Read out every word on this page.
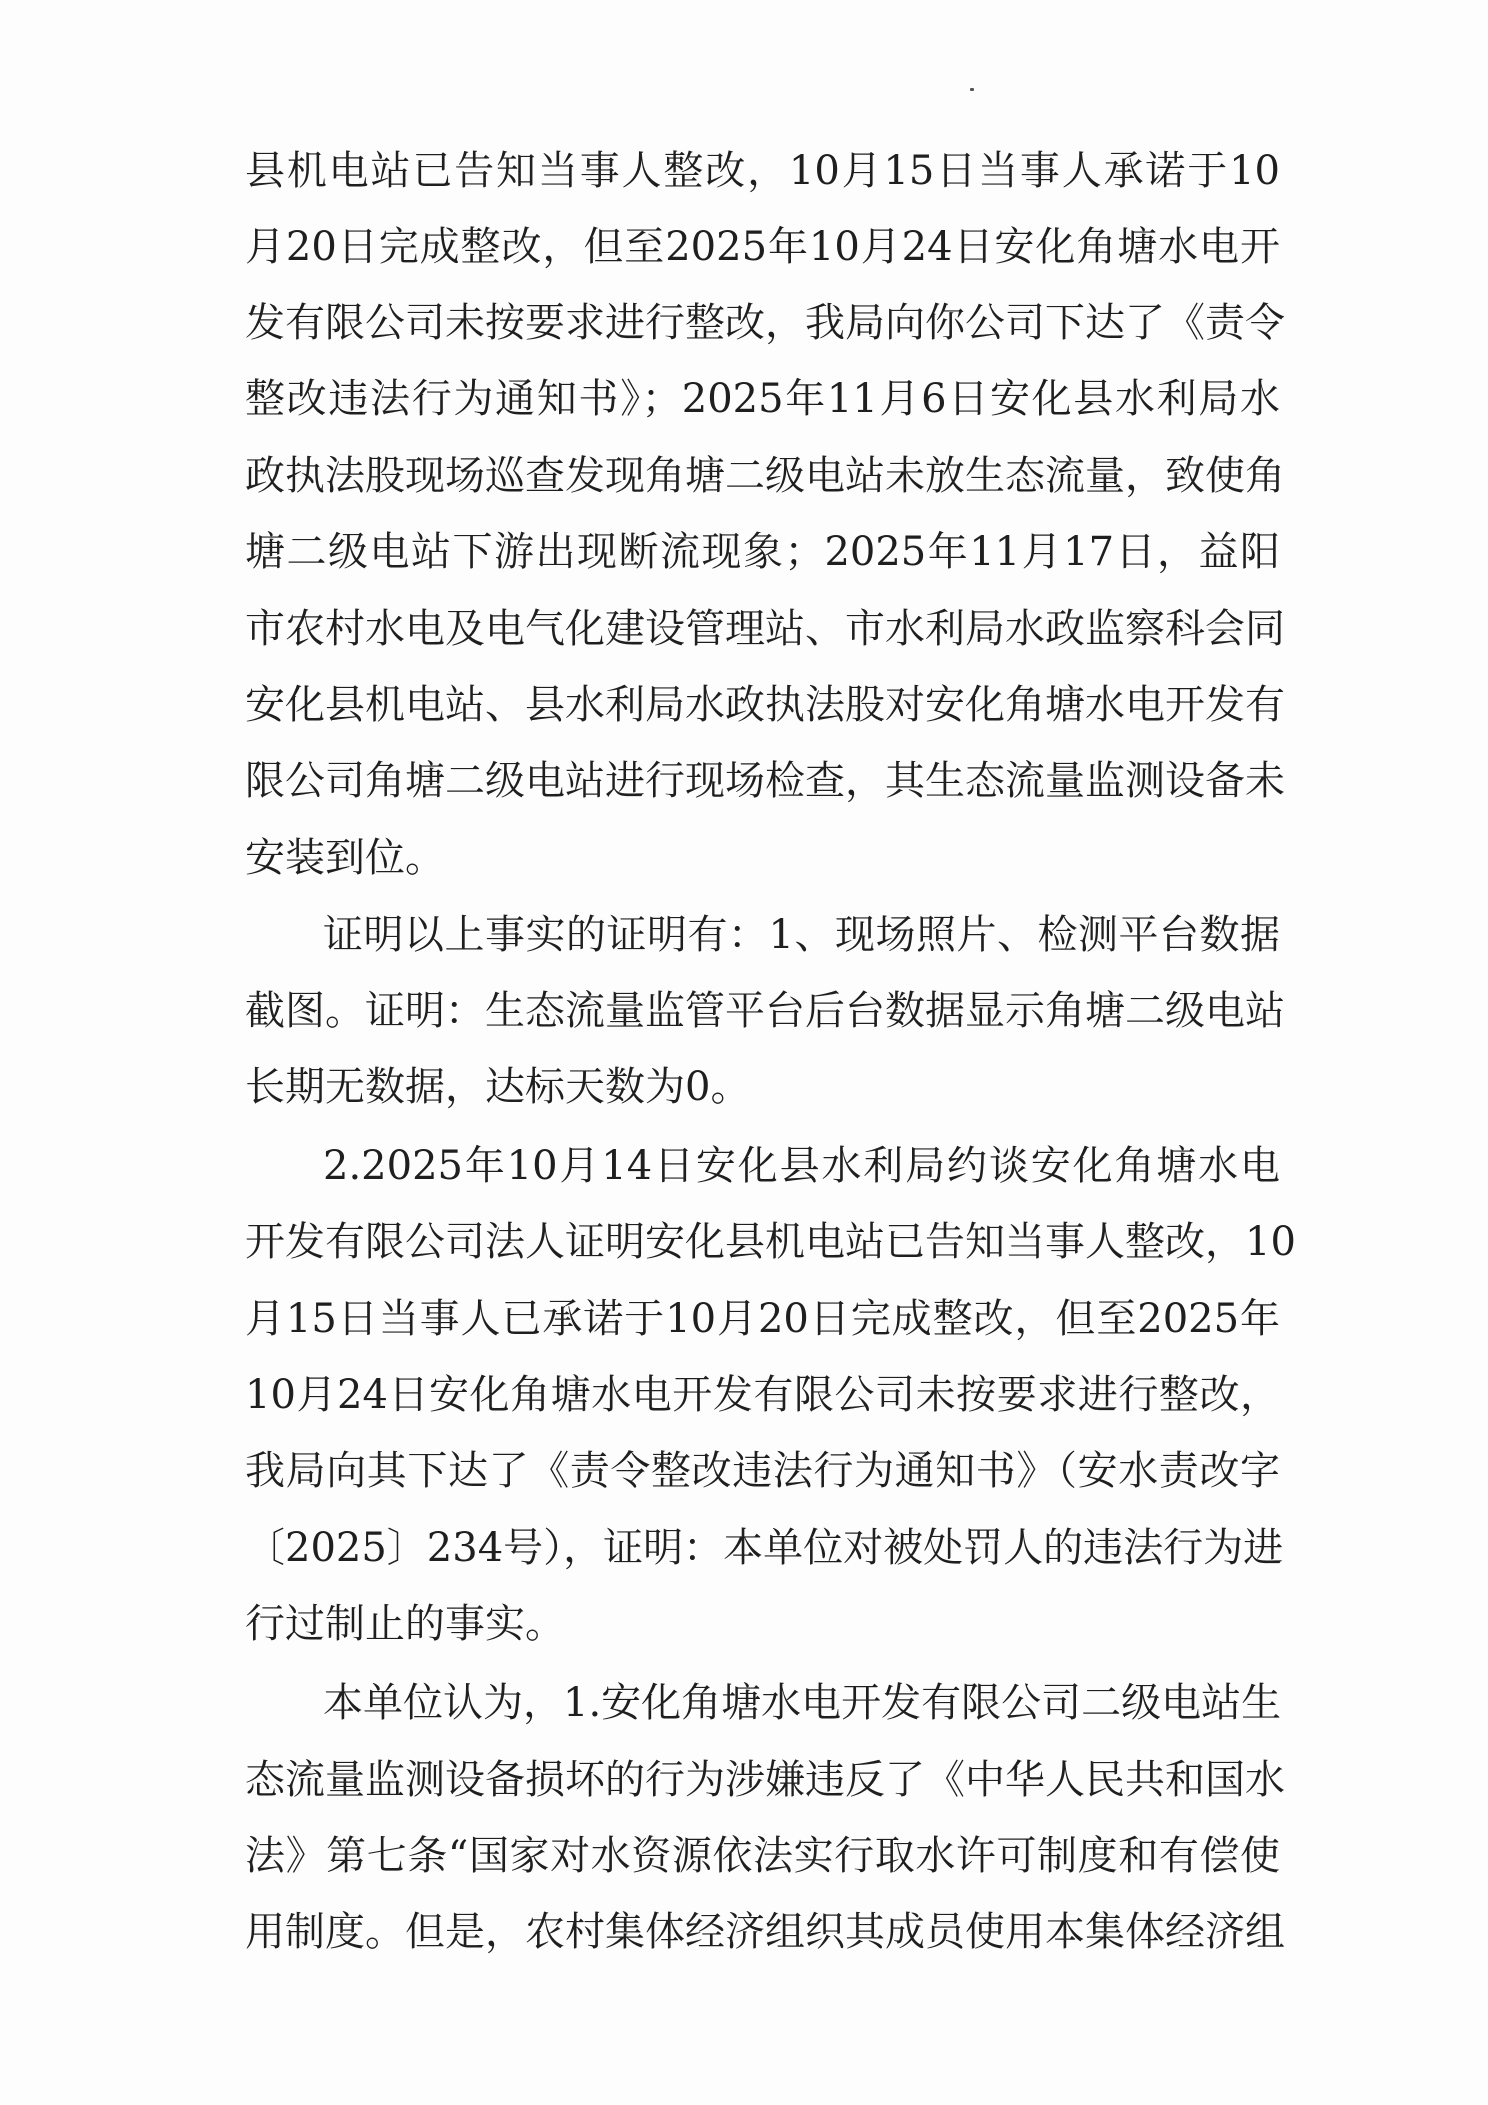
县机电站已告知当事人整改，10月15日当事人承诺于10
月20日完成整改，但至2025年10月24日安化角塘水电开
发有限公司未按要求进行整改，我局向你公司下达了《责令
整改违法行为通知书》；2025年11月6日安化县水利局水
政执法股现场巡查发现角塘二级电站未放生态流量，致使角
塘二级电站下游出现断流现象；2025年11月17日，益阳
市农村水电及电气化建设管理站、市水利局水政监察科会同
安化县机电站、县水利局水政执法股对安化角塘水电开发有
限公司角塘二级电站进行现场检查，其生态流量监测设备未
安装到位。
证明以上事实的证明有：1、现场照片、检测平台数据
截图。证明：生态流量监管平台后台数据显示角塘二级电站
长期无数据，达标天数为0。
2.2025年10月14日安化县水利局约谈安化角塘水电
开发有限公司法人证明安化县机电站已告知当事人整改，10
月15日当事人已承诺于10月20日完成整改，但至2025年
10月24日安化角塘水电开发有限公司未按要求进行整改，
我局向其下达了《责令整改违法行为通知书》（安水责改字
〔2025〕234号），证明：本单位对被处罚人的违法行为进
行过制止的事实。
本单位认为，1.安化角塘水电开发有限公司二级电站生
态流量监测设备损坏的行为涉嫌违反了《中华人民共和国水
法》第七条“国家对水资源依法实行取水许可制度和有偿使
用制度。但是，农村集体经济组织其成员使用本集体经济组
